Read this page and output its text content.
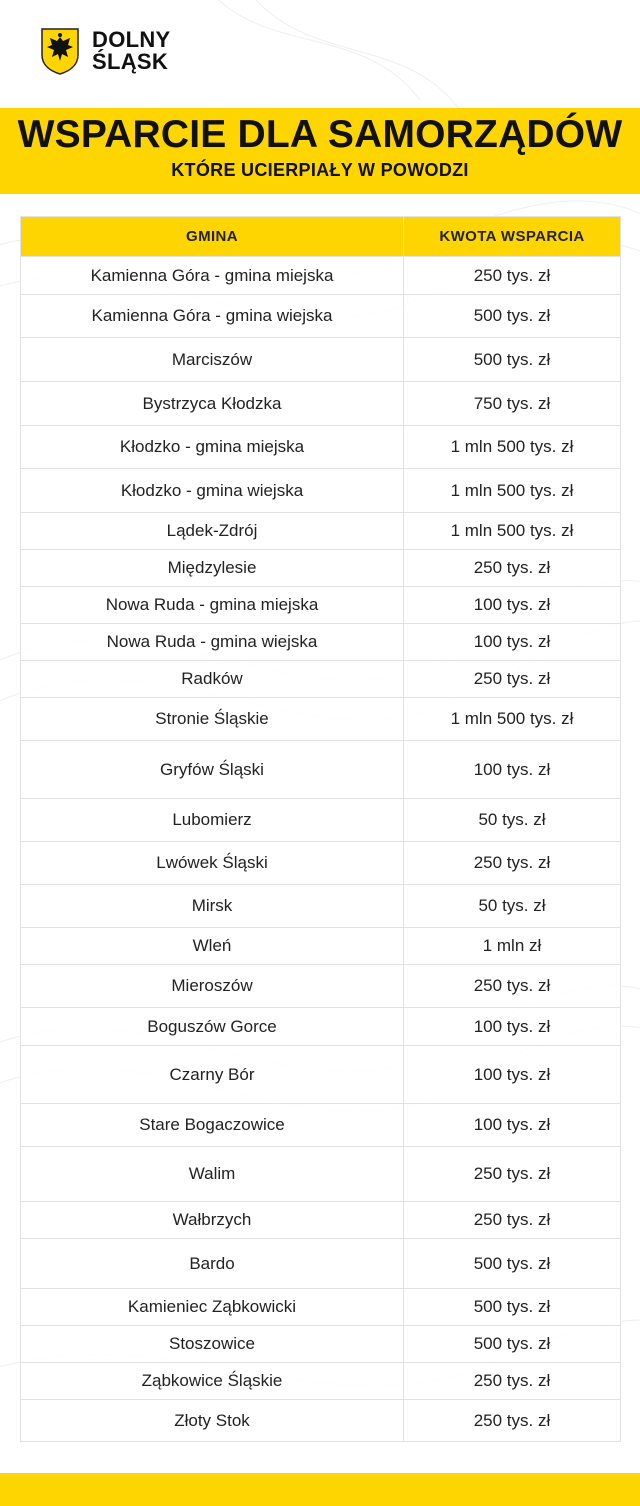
DOLNY
ŚLĄSK
WSPARCIE DLA SAMORZĄDÓW
KTÓRE UCIERPIAŁY W POWODZI
GMINA	KWOTA WSPARCIA
Kamienna Góra - gmina miejska	250 tys. zł
Kamienna Góra - gmina wiejska	500 tys. zł
Marciszów	500 tys. zł
Bystrzyca Kłodzka	750 tys. zł
Kłodzko - gmina miejska	1 mln 500 tys. zł
Kłodzko - gmina wiejska	1 mln 500 tys. zł
Lądek-Zdrój	1 mln 500 tys. zł
Międzylesie	250 tys. zł
Nowa Ruda - gmina miejska	100 tys. zł
Nowa Ruda - gmina wiejska	100 tys. zł
Radków	250 tys. zł
Stronie Śląskie	1 mln 500 tys. zł
Gryfów Śląski	100 tys. zł
Lubomierz	50 tys. zł
Lwówek Śląski	250 tys. zł
Mirsk	50 tys. zł
Wleń	1 mln zł
Mieroszów	250 tys. zł
Boguszów Gorce	100 tys. zł
Czarny Bór	100 tys. zł
Stare Bogaczowice	100 tys. zł
Walim	250 tys. zł
Wałbrzych	250 tys. zł
Bardo	500 tys. zł
Kamieniec Ząbkowicki	500 tys. zł
Stoszowice	500 tys. zł
Ząbkowice Śląskie	250 tys. zł
Złoty Stok	250 tys. zł
